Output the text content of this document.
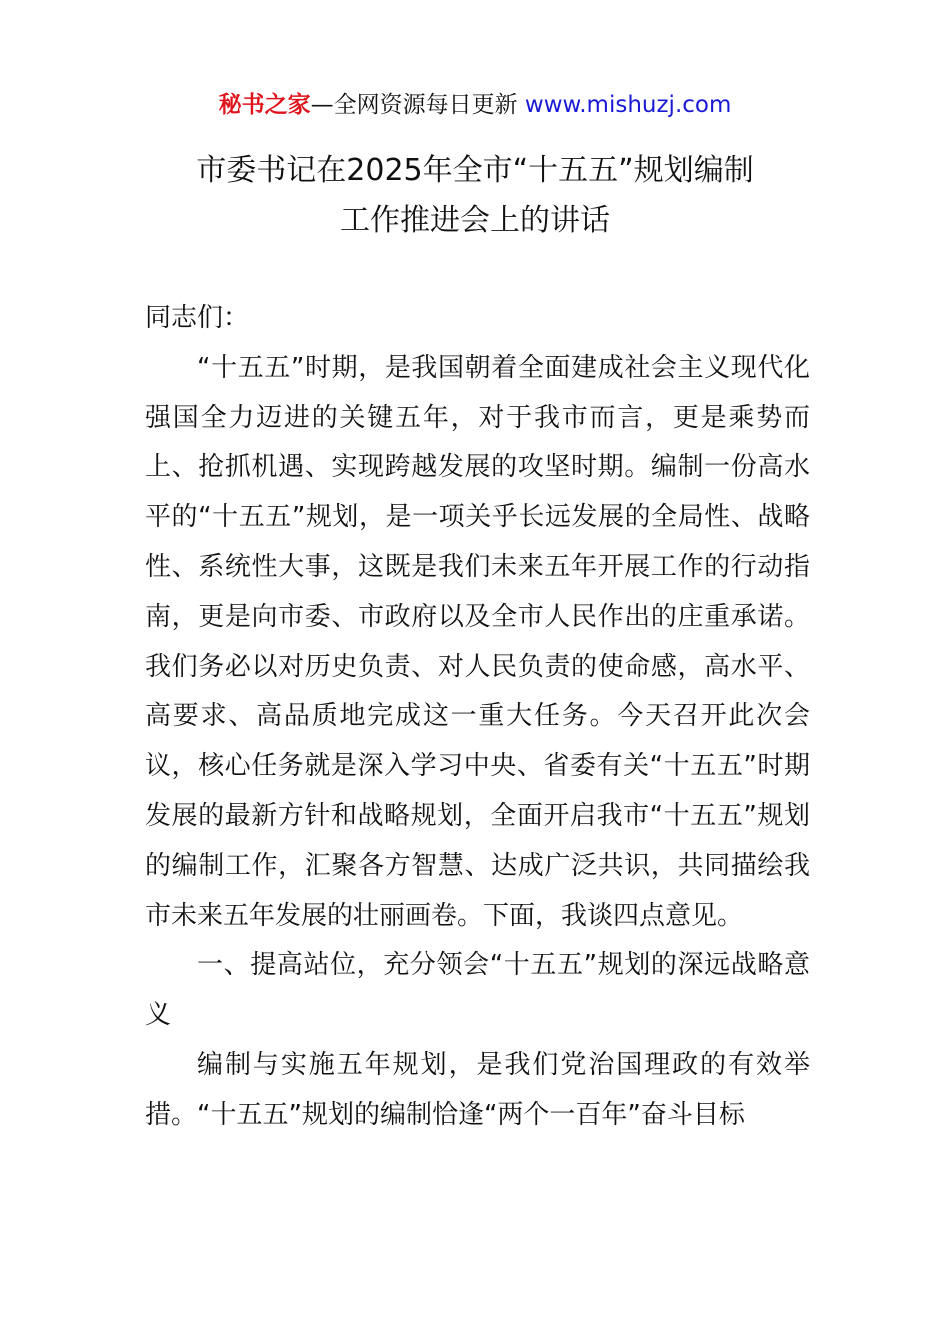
秘书之家—全网资源每日更新 www.mishuzj.com
市委书记在2025年全市“十五五”规划编制
工作推进会上的讲话

同志们：

“十五五”时期，是我国朝着全面建成社会主义现代化强国全力迈进的关键五年，对于我市而言，更是乘势而上、抢抓机遇、实现跨越发展的攻坚时期。编制一份高水平的“十五五”规划，是一项关乎长远发展的全局性、战略性、系统性大事，这既是我们未来五年开展工作的行动指南，更是向市委、市政府以及全市人民作出的庄重承诺。我们务必以对历史负责、对人民负责的使命感，高水平、高要求、高品质地完成这一重大任务。今天召开此次会议，核心任务就是深入学习中央、省委有关“十五五”时期发展的最新方针和战略规划，全面开启我市“十五五”规划的编制工作，汇聚各方智慧、达成广泛共识，共同描绘我市未来五年发展的壮丽画卷。下面，我谈四点意见。

一、提高站位，充分领会“十五五”规划的深远战略意义

编制与实施五年规划，是我们党治国理政的有效举措。“十五五”规划的编制恰逢“两个一百年”奋斗目标
